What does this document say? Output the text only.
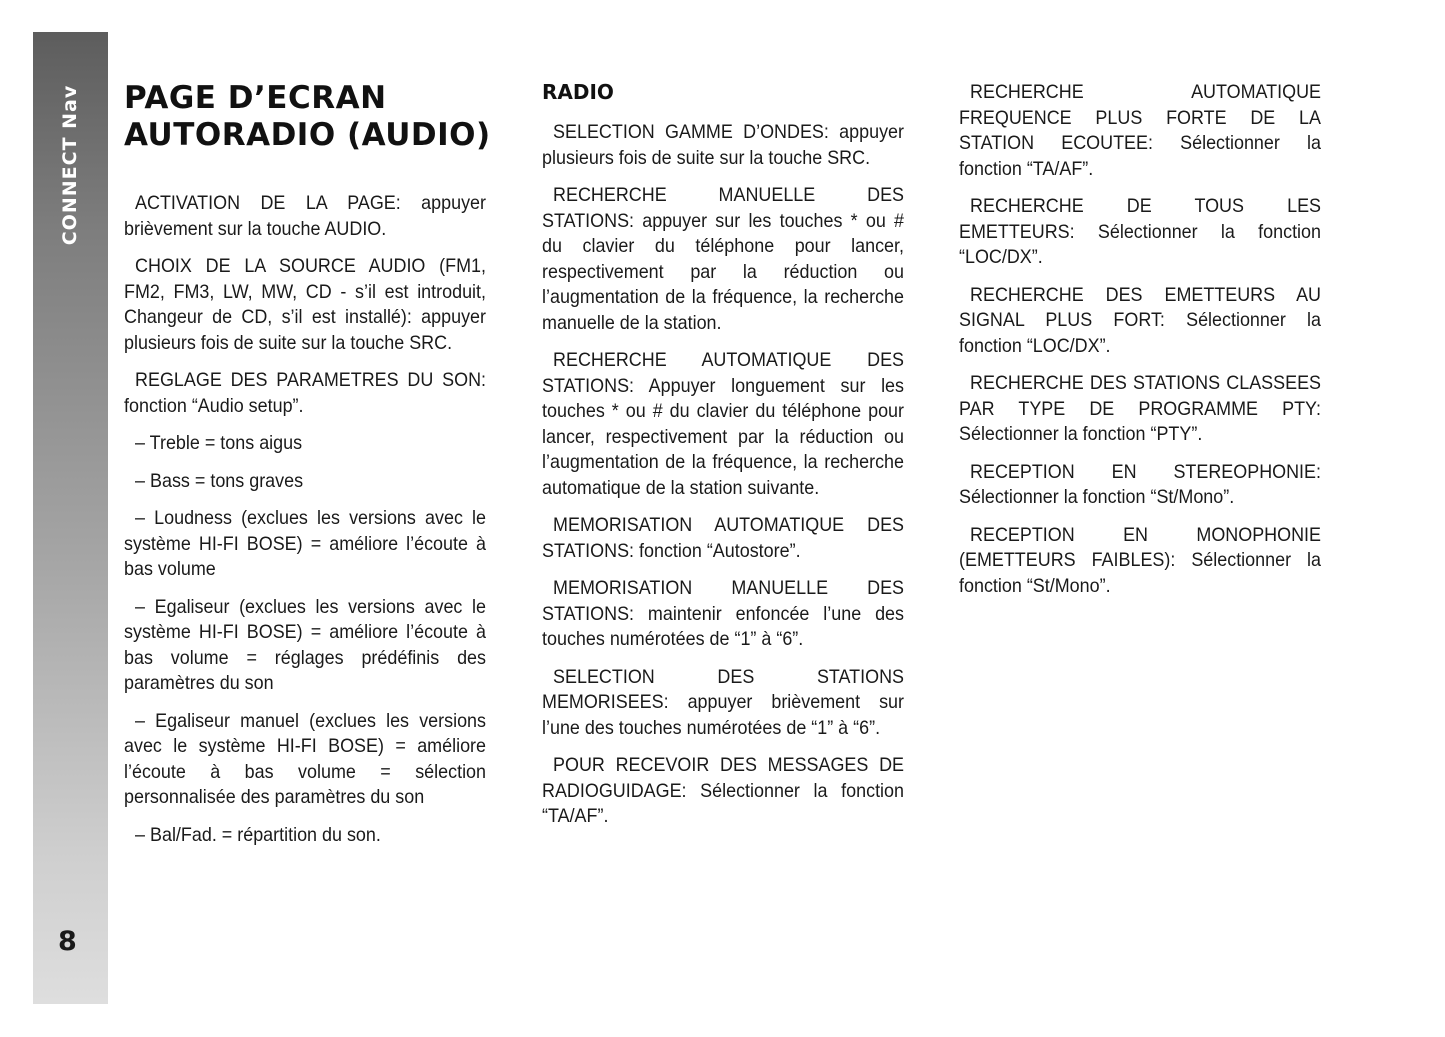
CONNECT Nav
8
PAGE D’ECRAN AUTORADIO (AUDIO)

ACTIVATION DE LA PAGE: appuyer brièvement sur la touche AUDIO.

CHOIX DE LA SOURCE AUDIO (FM1, FM2, FM3, LW, MW, CD - s’il est introduit, Changeur de CD, s’il est installé): appuyer plusieurs fois de suite sur la touche SRC.

REGLAGE DES PARAMETRES DU SON: fonction “Audio setup”.

– Treble = tons aigus

– Bass = tons graves

– Loudness (exclues les versions avec le système HI-FI BOSE) = améliore l’écoute à bas volume

– Egaliseur (exclues les versions avec le système HI-FI BOSE) = améliore l’écoute à bas volume = réglages prédéfinis des paramètres du son

– Egaliseur manuel (exclues les versions avec le système HI-FI BOSE) = améliore l’écoute à bas volume = sélection personnalisée des paramètres du son

– Bal/Fad. = répartition du son.

RADIO

SELECTION GAMME D’ONDES: appuyer plusieurs fois de suite sur la touche SRC.

RECHERCHE MANUELLE DES STATIONS: appuyer sur les touches * ou # du clavier du téléphone pour lancer, respectivement par la réduction ou l’augmentation de la fréquence, la recherche manuelle de la station.

RECHERCHE AUTOMATIQUE DES STATIONS: Appuyer longuement sur les touches * ou # du clavier du téléphone pour lancer, respectivement par la réduction ou l’augmentation de la fréquence, la recherche automatique de la station suivante.

MEMORISATION AUTOMATIQUE DES STATIONS: fonction “Autostore”.

MEMORISATION MANUELLE DES STATIONS: maintenir enfoncée l’une des touches numérotées de “1” à “6”.

SELECTION DES STATIONS MEMORISEES: appuyer brièvement sur l’une des touches numérotées de “1” à “6”.

POUR RECEVOIR DES MESSAGES DE RADIOGUIDAGE: Sélectionner la fonction “TA/AF”.

RECHERCHE AUTOMATIQUE FREQUENCE PLUS FORTE DE LA STATION ECOUTEE: Sélectionner la fonction “TA/AF”.

RECHERCHE DE TOUS LES EMETTEURS: Sélectionner la fonction “LOC/DX”.

RECHERCHE DES EMETTEURS AU SIGNAL PLUS FORT: Sélectionner la fonction “LOC/DX”.

RECHERCHE DES STATIONS CLASSEES PAR TYPE DE PROGRAMME PTY: Sélectionner la fonction “PTY”.

RECEPTION EN STEREOPHONIE: Sélectionner la fonction “St/Mono”.

RECEPTION EN MONOPHONIE (EMETTEURS FAIBLES): Sélectionner la fonction “St/Mono”.
